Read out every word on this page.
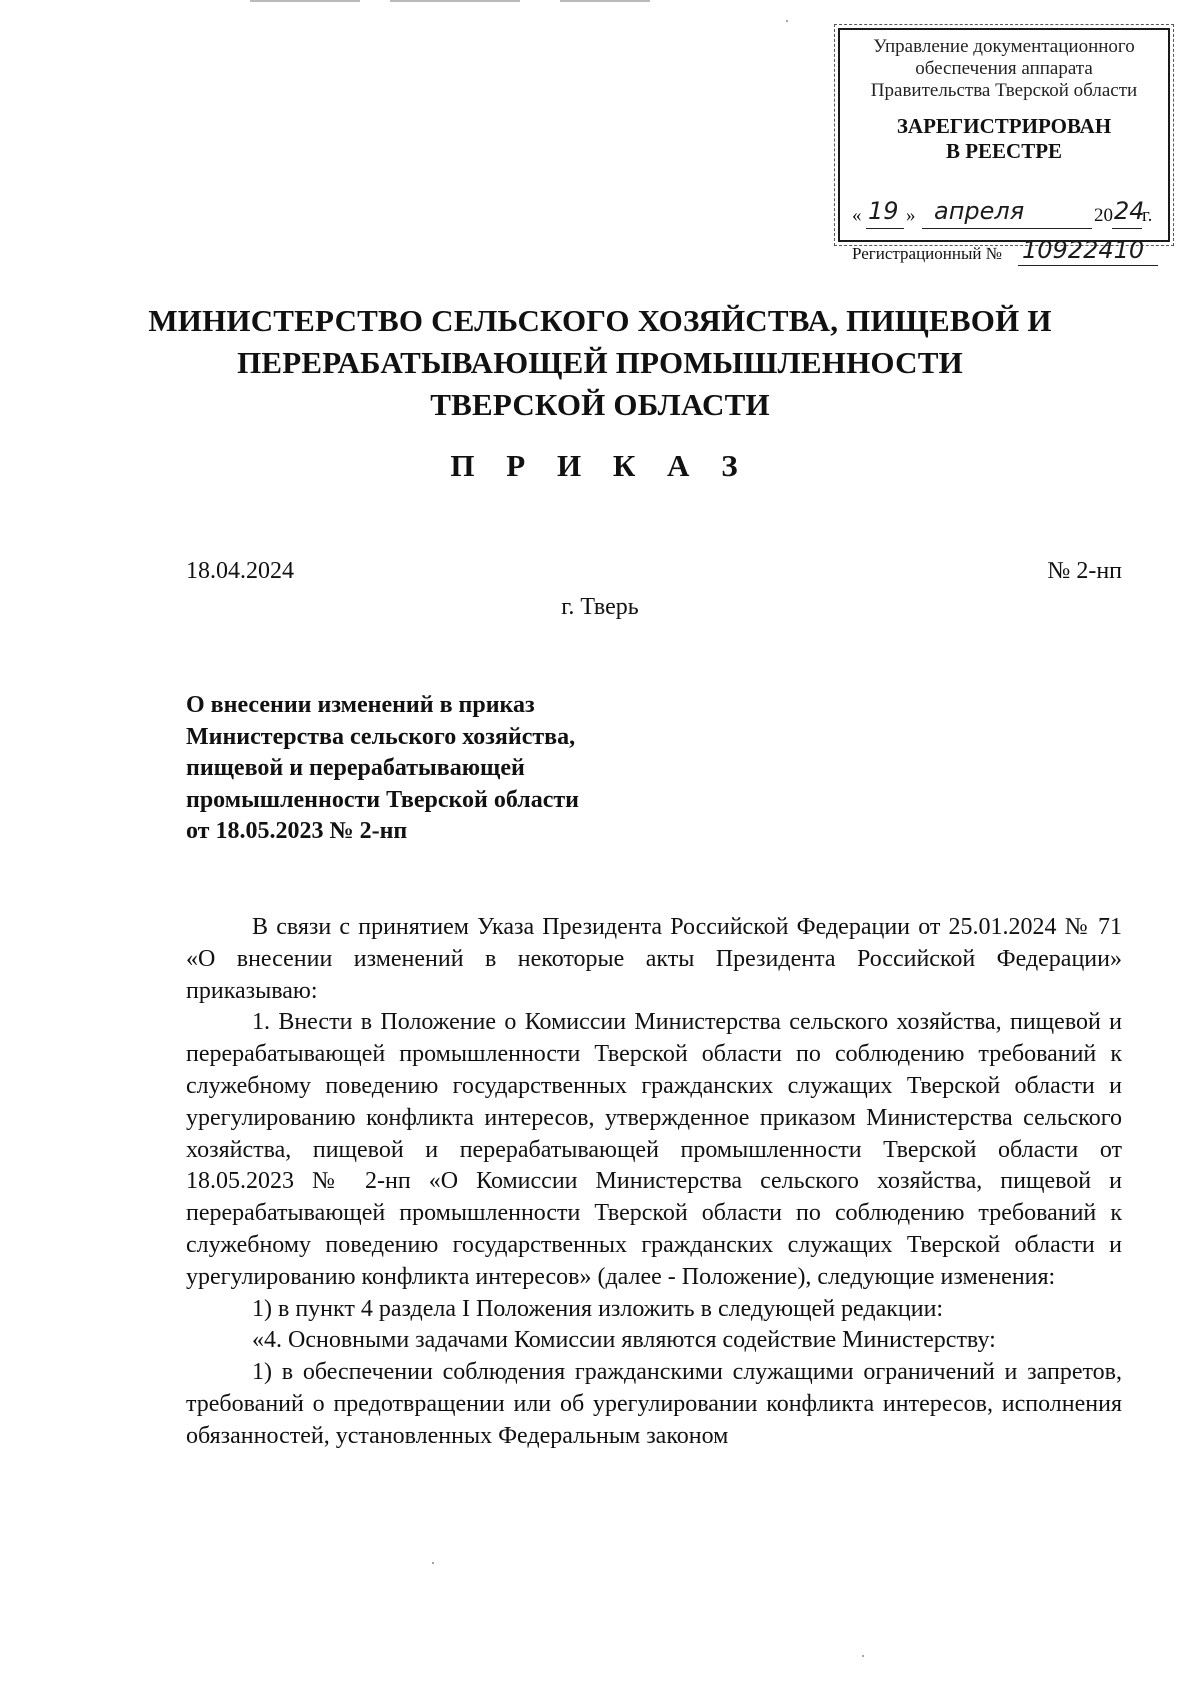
Управление документационного
обеспечения аппарата
Правительства Тверской области
ЗАРЕГИСТРИРОВАН
В РЕЕСТРЕ
« 19 » апреля	20 24
г.
Регистрационный № 10922410
МИНИСТЕРСТВО СЕЛЬСКОГО ХОЗЯЙСТВА, ПИЩЕВОЙ И
ПЕРЕРАБАТЫВАЮЩЕЙ ПРОМЫШЛЕННОСТИ
ТВЕРСКОЙ ОБЛАСТИ
П Р И К А З
18.04.2024	№ 2-нп
г. Тверь
О внесении изменений в приказ
Министерства сельского хозяйства,
пищевой и перерабатывающей
промышленности Тверской области
от 18.05.2023 № 2-нп

В связи с принятием Указа Президента Российской Федерации от 25.01.2024 № 71 «О внесении изменений в некоторые акты Президента Российской Федерации» приказываю:

1. Внести в Положение о Комиссии Министерства сельского хозяйства, пищевой и перерабатывающей промышленности Тверской области по соблюдению требований к служебному поведению государственных гражданских служащих Тверской области и урегулированию конфликта интересов, утвержденное приказом Министерства сельского хозяйства, пищевой и перерабатывающей промышленности Тверской области от 18.05.2023 № 2-нп «О Комиссии Министерства сельского хозяйства, пищевой и перерабатывающей промышленности Тверской области по соблюдению требований к служебному поведению государственных гражданских служащих Тверской области и урегулированию конфликта интересов» (далее - Положение), следующие изменения:

1) в пункт 4 раздела I Положения изложить в следующей редакции:

«4. Основными задачами Комиссии являются содействие Министерству:

1) в обеспечении соблюдения гражданскими служащими ограничений и запретов, требований о предотвращении или об урегулировании конфликта интересов, исполнения обязанностей, установленных Федеральным законом
